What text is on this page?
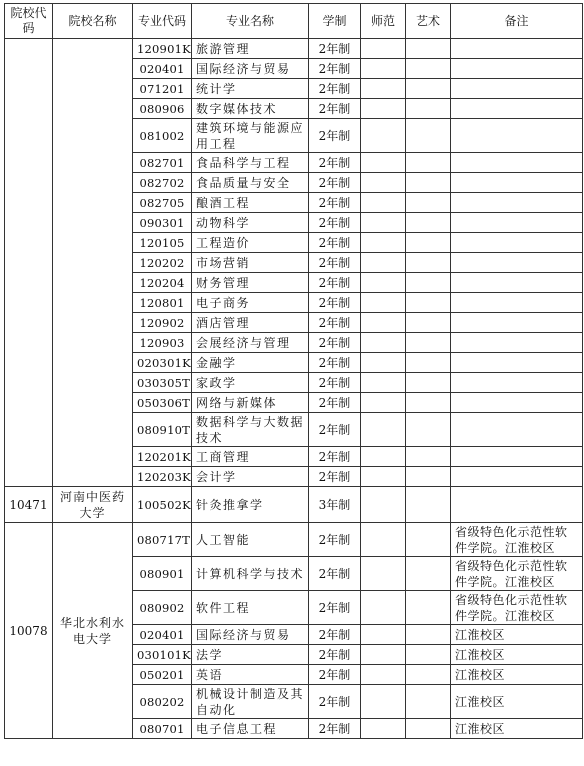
院校代码	院校名称	专业代码	专业名称	学制	师范	艺术	备注
		120901K	旅游管理	2年制			
		020401	国际经济与贸易	2年制			
		071201	统计学	2年制			
		080906	数字媒体技术	2年制			
		081002	建筑环境与能源应用工程	2年制			
		082701	食品科学与工程	2年制			
		082702	食品质量与安全	2年制			
		082705	酿酒工程	2年制			
		090301	动物科学	2年制			
		120105	工程造价	2年制			
		120202	市场营销	2年制			
		120204	财务管理	2年制			
		120801	电子商务	2年制			
		120902	酒店管理	2年制			
		120903	会展经济与管理	2年制			
		020301K	金融学	2年制			
		030305T	家政学	2年制			
		050306T	网络与新媒体	2年制			
		080910T	数据科学与大数据技术	2年制			
		120201K	工商管理	2年制			
		120203K	会计学	2年制			
10471	河南中医药大学	100502K	针灸推拿学	3年制			
10078	华北水利水电大学	080717T	人工智能	2年制			省级特色化示范性软件学院。江淮校区
		080901	计算机科学与技术	2年制			省级特色化示范性软件学院。江淮校区
		080902	软件工程	2年制			省级特色化示范性软件学院。江淮校区
		020401	国际经济与贸易	2年制			江淮校区
		030101K	法学	2年制			江淮校区
		050201	英语	2年制			江淮校区
		080202	机械设计制造及其自动化	2年制			江淮校区
		080701	电子信息工程	2年制			江淮校区
